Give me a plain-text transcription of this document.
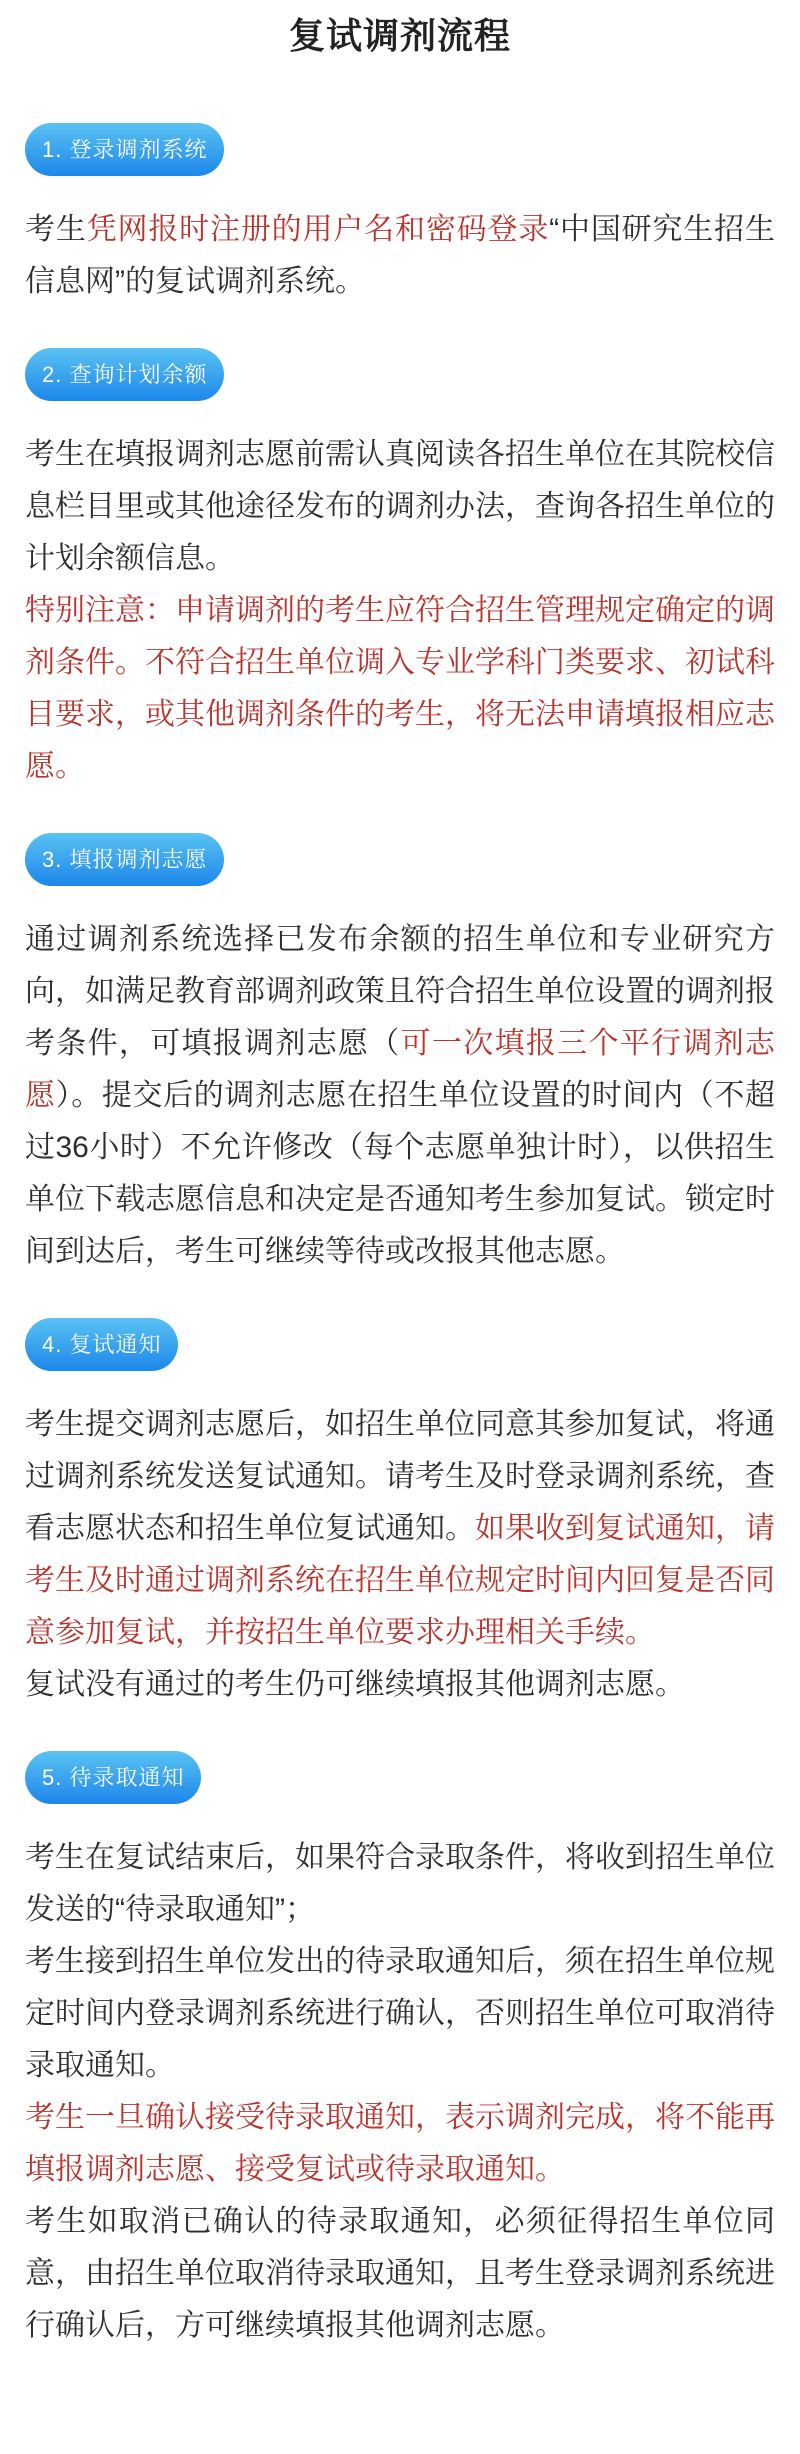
复试调剂流程
1. 登录调剂系统

考生凭网报时注册的用户名和密码登录“中国研究生招生信息网”的复试调剂系统。

2. 查询计划余额

考生在填报调剂志愿前需认真阅读各招生单位在其院校信息栏目里或其他途径发布的调剂办法，查询各招生单位的计划余额信息。

特别注意：申请调剂的考生应符合招生管理规定确定的调剂条件。不符合招生单位调入专业学科门类要求、初试科目要求，或其他调剂条件的考生，将无法申请填报相应志愿。

3. 填报调剂志愿

通过调剂系统选择已发布余额的招生单位和专业研究方向，如满足教育部调剂政策且符合招生单位设置的调剂报考条件，可填报调剂志愿（可一次填报三个平行调剂志愿）。提交后的调剂志愿在招生单位设置的时间内（不超过36小时）不允许修改（每个志愿单独计时），以供招生单位下载志愿信息和决定是否通知考生参加复试。锁定时间到达后，考生可继续等待或改报其他志愿。

4. 复试通知

考生提交调剂志愿后，如招生单位同意其参加复试，将通过调剂系统发送复试通知。请考生及时登录调剂系统，查看志愿状态和招生单位复试通知。如果收到复试通知，请考生及时通过调剂系统在招生单位规定时间内回复是否同意参加复试，并按招生单位要求办理相关手续。

复试没有通过的考生仍可继续填报其他调剂志愿。

5. 待录取通知

考生在复试结束后，如果符合录取条件，将收到招生单位发送的“待录取通知”；

考生接到招生单位发出的待录取通知后，须在招生单位规定时间内登录调剂系统进行确认，否则招生单位可取消待录取通知。

考生一旦确认接受待录取通知，表示调剂完成，将不能再填报调剂志愿、接受复试或待录取通知。

考生如取消已确认的待录取通知，必须征得招生单位同意，由招生单位取消待录取通知，且考生登录调剂系统进行确认后，方可继续填报其他调剂志愿。
